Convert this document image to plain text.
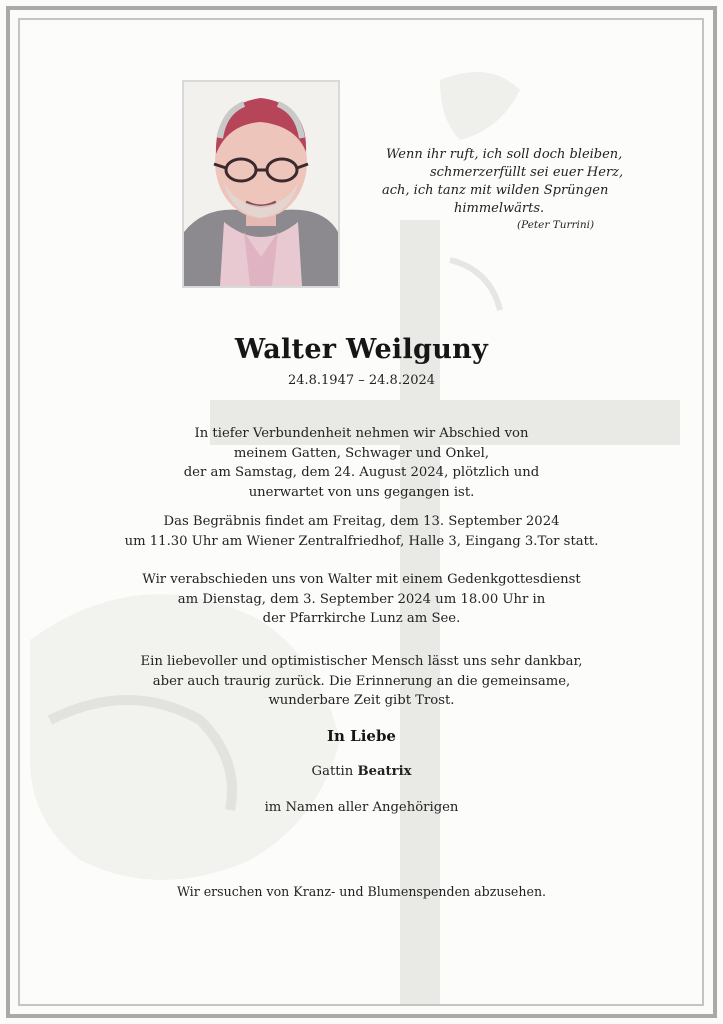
Wenn ihr ruft, ich soll doch bleiben,
schmerzerfüllt sei euer Herz,
ach, ich tanz mit wilden Sprüngen
himmelwärts.
(Peter Turrini)
Walter Weilguny
24.8.1947 – 24.8.2024
In tiefer Verbundenheit nehmen wir Abschied von
meinem Gatten, Schwager und Onkel,
der am Samstag, dem 24. August 2024, plötzlich und
unerwartet von uns gegangen ist.
Das Begräbnis findet am Freitag, dem 13. September 2024
um 11.30 Uhr am Wiener Zentralfriedhof, Halle 3, Eingang 3.Tor statt.
Wir verabschieden uns von Walter mit einem Gedenkgottesdienst
am Dienstag, dem 3. September 2024 um 18.00 Uhr in
der Pfarrkirche Lunz am See.
Ein liebevoller und optimistischer Mensch lässt uns sehr dankbar,
aber auch traurig zurück. Die Erinnerung an die gemeinsame,
wunderbare Zeit gibt Trost.
In Liebe
Gattin Beatrix
im Namen aller Angehörigen
Wir ersuchen von Kranz- und Blumenspenden abzusehen.
